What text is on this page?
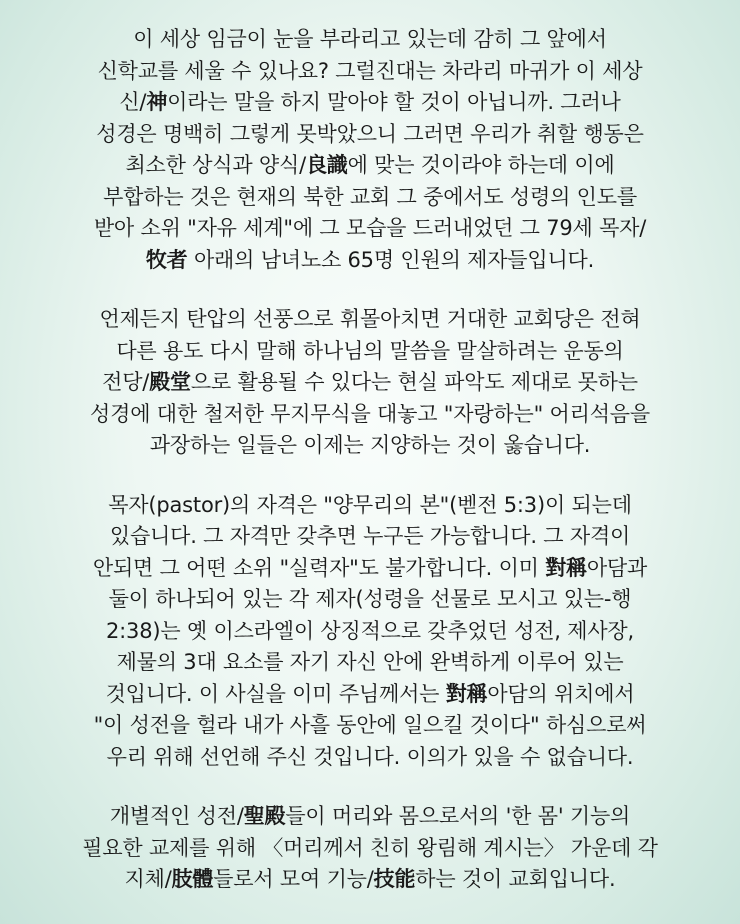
이 세상 임금이 눈을 부라리고 있는데 감히 그 앞에서
신학교를 세울 수 있나요? 그럴진대는 차라리 마귀가 이 세상
신/神이라는 말을 하지 말아야 할 것이 아닙니까. 그러나
성경은 명백히 그렇게 못박았으니 그러면 우리가 취할 행동은
최소한 상식과 양식/良識에 맞는 것이라야 하는데 이에
부합하는 것은 현재의 북한 교회 그 중에서도 성령의 인도를
받아 소위 "자유 세계"에 그 모습을 드러내었던 그 79세 목자/
牧者 아래의 남녀노소 65명 인원의 제자들입니다.
언제든지 탄압의 선풍으로 휘몰아치면 거대한 교회당은 전혀
다른 용도 다시 말해 하나님의 말씀을 말살하려는 운동의
전당/殿堂으로 활용될 수 있다는 현실 파악도 제대로 못하는
성경에 대한 철저한 무지무식을 대놓고 "자랑하는" 어리석음을
과장하는 일들은 이제는 지양하는 것이 옳습니다.
목자(pastor)의 자격은 "양무리의 본"(벧전 5:3)이 되는데
있습니다. 그 자격만 갖추면 누구든 가능합니다. 그 자격이
안되면 그 어떤 소위 "실력자"도 불가합니다. 이미 對稱아담과
둘이 하나되어 있는 각 제자(성령을 선물로 모시고 있는-행
2:38)는 옛 이스라엘이 상징적으로 갖추었던 성전, 제사장,
제물의 3대 요소를 자기 자신 안에 완벽하게 이루어 있는
것입니다. 이 사실을 이미 주님께서는 對稱아담의 위치에서
"이 성전을 헐라 내가 사흘 동안에 일으킬 것이다" 하심으로써
우리 위해 선언해 주신 것입니다. 이의가 있을 수 없습니다.
개별적인 성전/聖殿들이 머리와 몸으로서의 '한 몸' 기능의
필요한 교제를 위해 〈머리께서 친히 왕림해 계시는〉 가운데 각
지체/肢體들로서 모여 기능/技能하는 것이 교회입니다.
